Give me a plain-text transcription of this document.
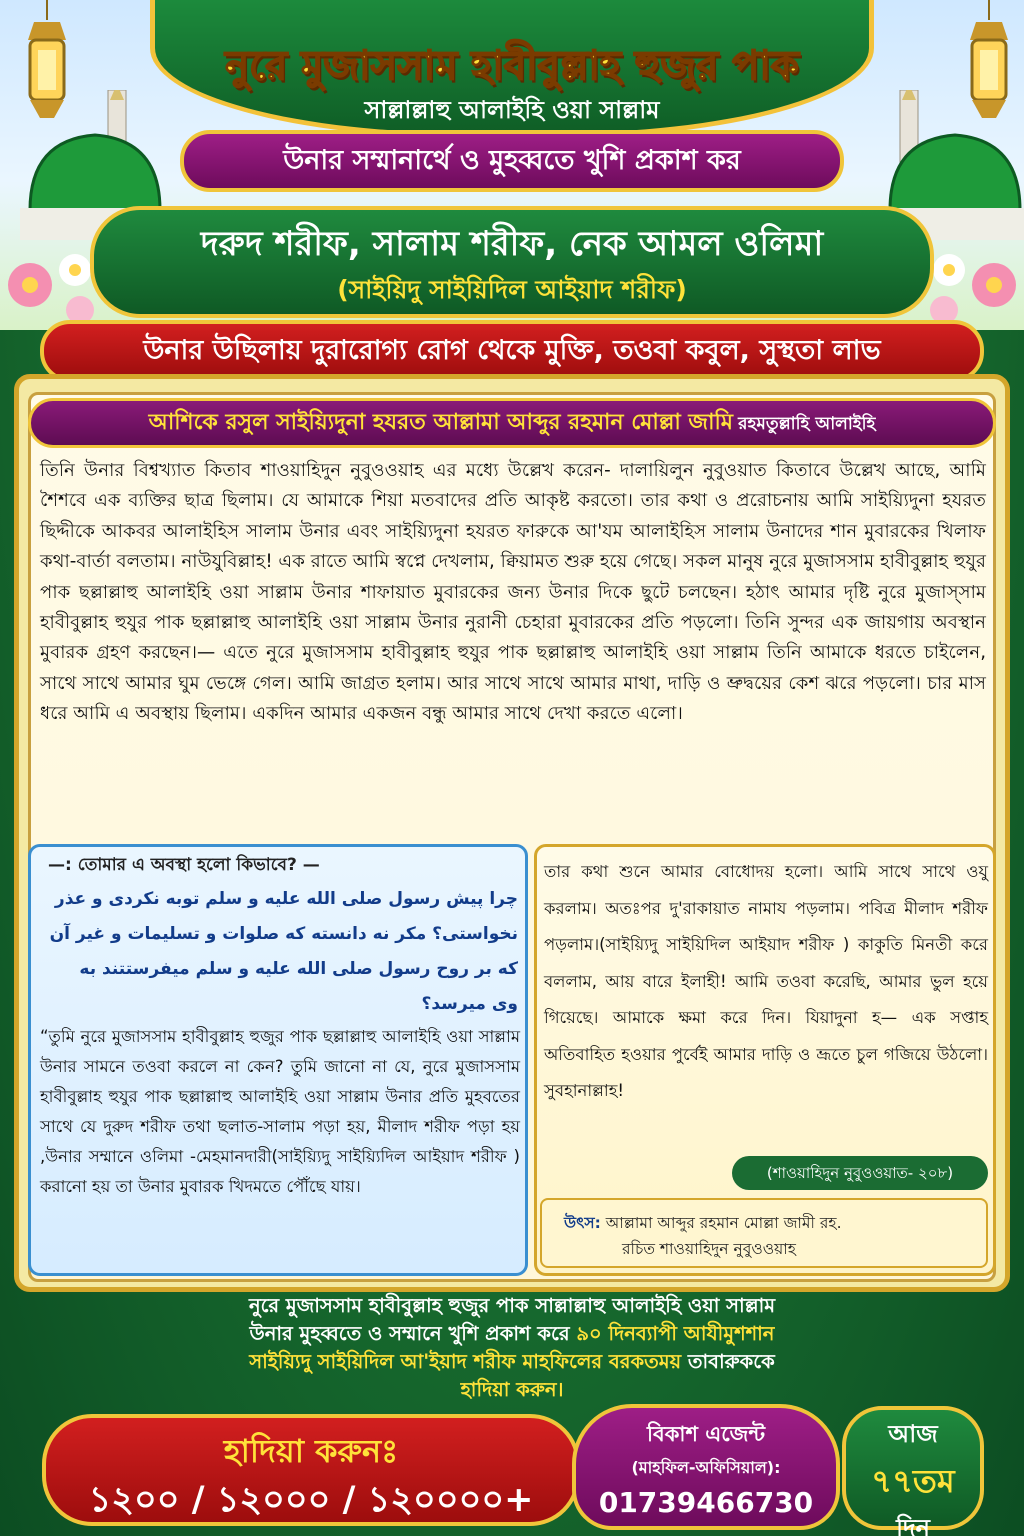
নুরে মুজাসসাম হাবীবুল্লাহ হুজুর পাক
সাল্লাল্লাহু আলাইহি ওয়া সাল্লাম
উনার সম্মানার্থে ও মুহব্বতে খুশি প্রকাশ কর
দরুদ শরীফ, সালাম শরীফ, নেক আমল ওলিমা
(সাইয়িদু সাইয়িদিল আইয়াদ শরীফ)
উনার উছিলায় দুরারোগ্য রোগ থেকে মুক্তি, তওবা কবুল, সুস্থতা লাভ
আশিকে রসুল সাইয়্যিদুনা হযরত আল্লামা আব্দুর রহমান মোল্লা জামি রহমতুল্লাহি আলাইহি
তিনি উনার বিশ্বখ্যাত কিতাব শাওয়াহিদুন নুবুওওয়াহ এর মধ্যে উল্লেখ করেন- দালায়িলুন নুবুওয়াত কিতাবে উল্লেখ আছে, আমি শৈশবে এক ব্যক্তির ছাত্র ছিলাম। যে আমাকে শিয়া মতবাদের প্রতি আকৃষ্ট করতো। তার কথা ও প্ররোচনায় আমি সাইয়্যিদুনা হযরত ছিদ্দীকে আকবর আলাইহিস সালাম উনার এবং সাইয়্যিদুনা হযরত ফারুকে আ'যম আলাইহিস সালাম উনাদের শান মুবারকের খিলাফ কথা-বার্তা বলতাম। নাউযুবিল্লাহ! এক রাতে আমি স্বপ্নে দেখলাম, ক্বিয়ামত শুরু হয়ে গেছে। সকল মানুষ নুরে মুজাসসাম হাবীবুল্লাহ হুযুর পাক ছল্লাল্লাহু আলাইহি ওয়া সাল্লাম উনার শাফায়াত মুবারকের জন্য উনার দিকে ছুটে চলছেন। হঠাৎ আমার দৃষ্টি নুরে মুজাস্সাম হাবীবুল্লাহ হুযুর পাক ছল্লাল্লাহু আলাইহি ওয়া সাল্লাম উনার নুরানী চেহারা মুবারকের প্রতি পড়লো। তিনি সুন্দর এক জায়গায় অবস্থান মুবারক গ্রহণ করছেন।— এতে নুরে মুজাসসাম হাবীবুল্লাহ হুযুর পাক ছল্লাল্লাহু আলাইহি ওয়া সাল্লাম তিনি আমাকে ধরতে চাইলেন, সাথে সাথে আমার ঘুম ভেঙ্গে গেল। আমি জাগ্রত হলাম। আর সাথে সাথে আমার মাথা, দাড়ি ও ভ্রুদ্বয়ের কেশ ঝরে পড়লো। চার মাস ধরে আমি এ অবস্থায় ছিলাম। একদিন আমার একজন বন্ধু আমার সাথে দেখা করতে এলো।
—: তোমার এ অবস্থা হলো কিভাবে? —
چرا پیش رسول صلی الله علیه و سلم توبه نکردی و عذر نخواستی؟ مکر نه دانسته که صلوات و تسلیمات و غیر آن که بر روح رسول صلی الله علیه و سلم میفرستتند به وی میرسد؟
“তুমি নুরে মুজাসসাম হাবীবুল্লাহ হুজুর পাক ছল্লাল্লাহু আলাইহি ওয়া সাল্লাম উনার সামনে তওবা করলে না কেন? তুমি জানো না যে, নুরে মুজাসসাম হাবীবুল্লাহ হুযুর পাক ছল্লাল্লাহু আলাইহি ওয়া সাল্লাম উনার প্রতি মুহবতের সাথে যে দুরুদ শরীফ তথা ছলাত-সালাম পড়া হয়, মীলাদ শরীফ পড়া হয় ,উনার সম্মানে ওলিমা -মেহমানদারী(সাইয়্যিদু সাইয়্যিদিল আইয়াদ শরীফ ) করানো হয় তা উনার মুবারক খিদমতে পৌঁছে যায়।
তার কথা শুনে আমার বোধোদয় হলো। আমি সাথে সাথে ওযু করলাম। অতঃপর দু'রাকায়াত নামায পড়লাম। পবিত্র মীলাদ শরীফ পড়লাম।(সাইয়্যিদু সাইয়িদিল আইয়াদ শরীফ ) কাকুতি মিনতী করে বললাম, আয় বারে ইলাহী! আমি তওবা করেছি, আমার ভুল হয়ে গিয়েছে। আমাকে ক্ষমা করে দিন। যিয়াদুনা হ— এক সপ্তাহ অতিবাহিত হওয়ার পুর্বেই আমার দাড়ি ও ভ্রূতে চুল গজিয়ে উঠলো। সুবহানাল্লাহ!
(শাওয়াহিদুন নুবুওওয়াত- ২০৮)
উৎস: আল্লামা আব্দুর রহমান মোল্লা জামী রহ.
রচিত শাওয়াহিদুন নুবুওওয়াহ
নুরে মুজাসসাম হাবীবুল্লাহ হুজুর পাক সাল্লাল্লাহু আলাইহি ওয়া সাল্লাম
উনার মুহব্বতে ও সম্মানে খুশি প্রকাশ করে ৯০ দিনব্যাপী আযীমুশশান
সাইয়্যিদু সাইয়িদিল আ'ইয়াদ শরীফ মাহফিলের বরকতময় তাবারুককে
হাদিয়া করুন।
হাদিয়া করুনঃ
১২০০ / ১২০০০ / ১২০০০০+
বিকাশ এজেন্ট
(মাহফিল-অফিসিয়াল):
01739466730
আজ
৭৭তম
দিন
